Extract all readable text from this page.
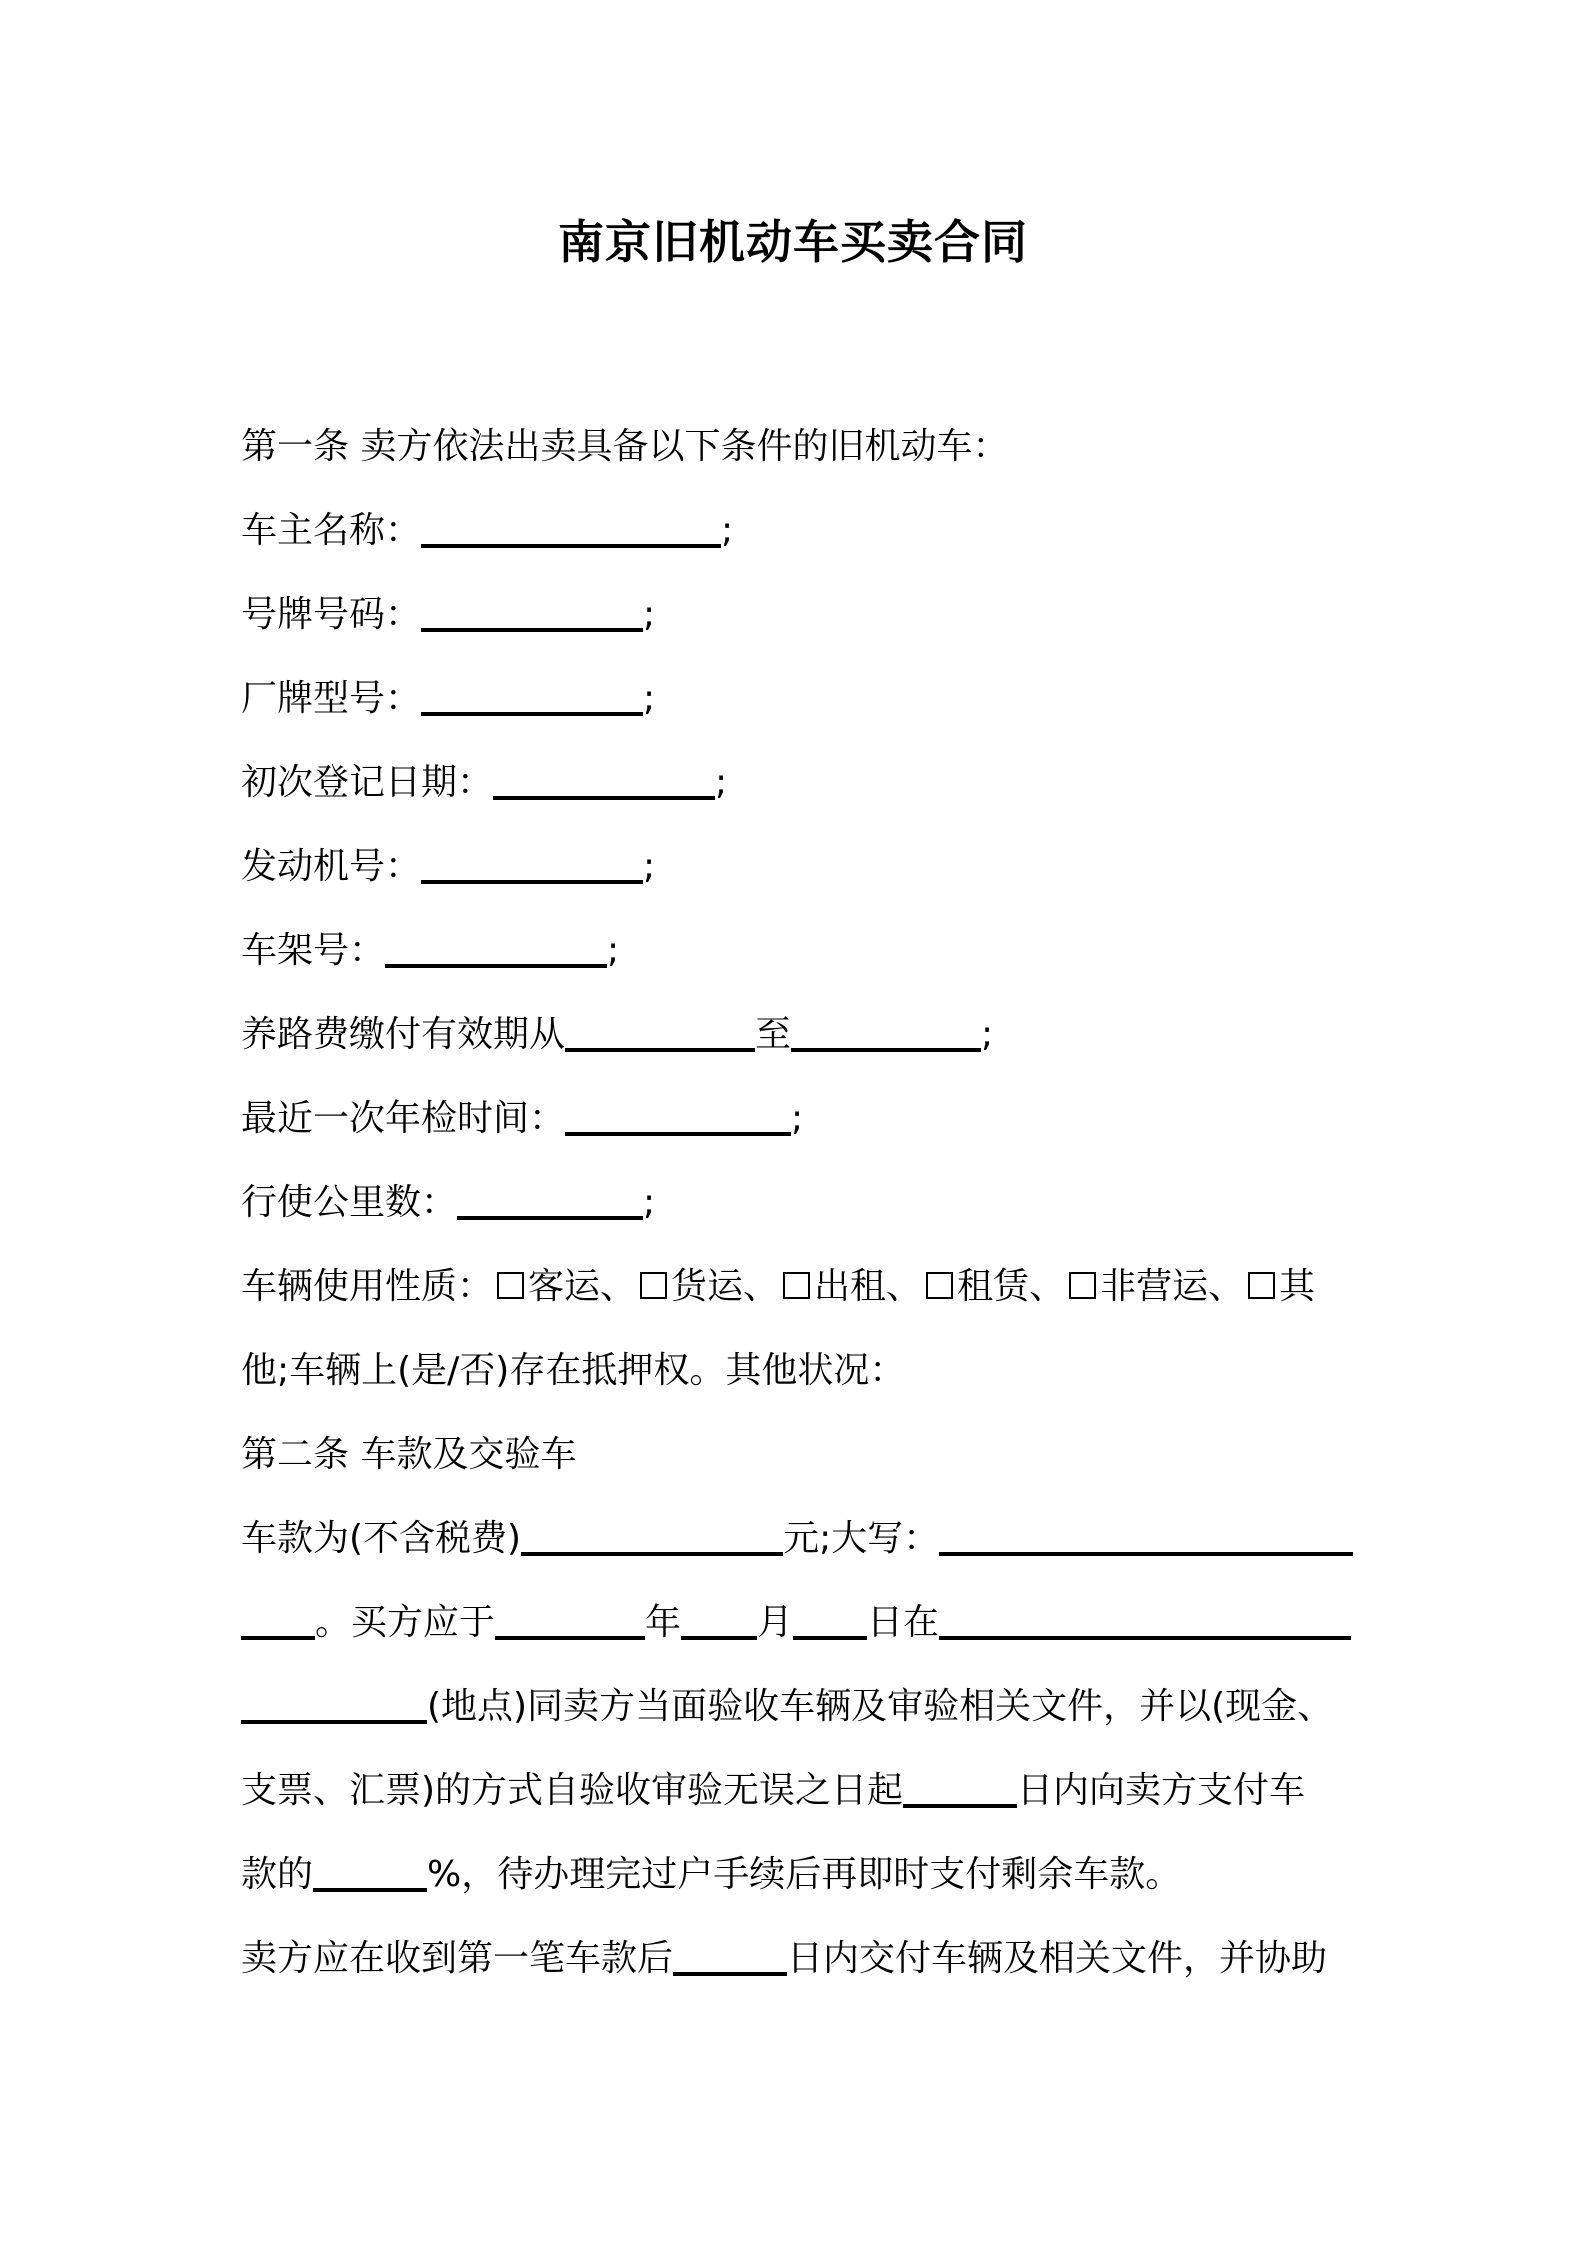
南京旧机动车买卖合同
第一条 卖方依法出卖具备以下条件的旧机动车：
车主名称：	;
号牌号码：	;
厂牌型号：	;
初次登记日期：	;
发动机号：	;
车架号：	;
养路费缴付有效期从	至	;
最近一次年检时间：	;
行使公里数：	;
车辆使用性质： 客运、 货运、 出租、 租赁、 非营运、 其
他;车辆上(是/否)存在抵押权。其他状况：
第二条 车款及交验车
车款为(不含税费)	元;大写：
。买方应于	年 月 日在
(地点)同卖方当面验收车辆及审验相关文件，并以(现金、
支票、汇票)的方式自验收审验无误之日起	日内向卖方支付车
款的	%，待办理完过户手续后再即时支付剩余车款。
卖方应在收到第一笔车款后	日内交付车辆及相关文件，并协助
